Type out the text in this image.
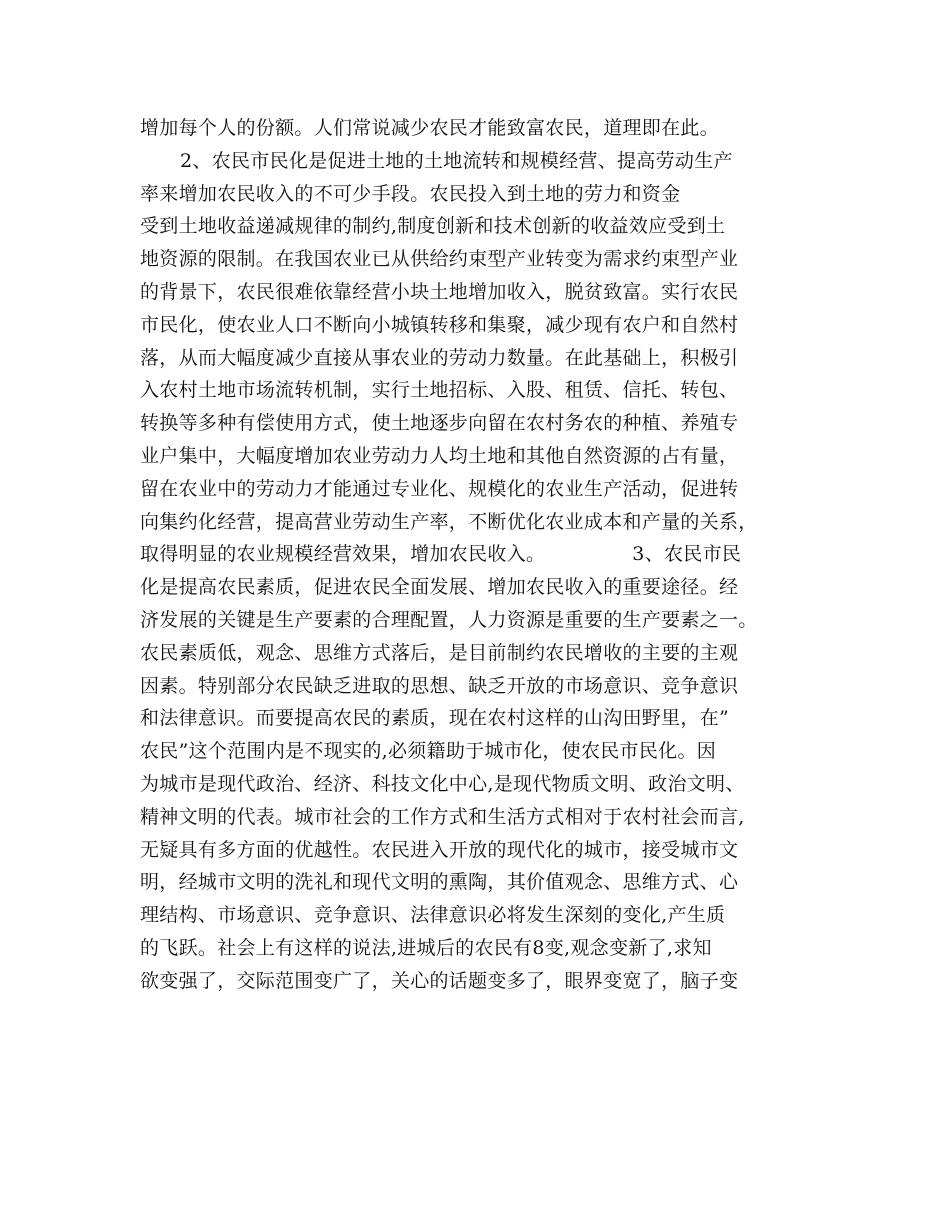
增加每个人的份额。人们常说减少农民才能致富农民，道理即在此。
2、农民市民化是促进土地的土地流转和规模经营、提高劳动生产
率来增加农民收入的不可少手段。农民投入到土地的劳力和资金
受到土地收益递减规律的制约,制度创新和技术创新的收益效应受到土
地资源的限制。在我国农业已从供给约束型产业转变为需求约束型产业
的背景下，农民很难依靠经营小块土地增加收入，脱贫致富。实行农民
市民化，使农业人口不断向小城镇转移和集聚，减少现有农户和自然村
落，从而大幅度减少直接从事农业的劳动力数量。在此基础上，积极引
入农村土地市场流转机制，实行土地招标、入股、租赁、信托、转包、
转换等多种有偿使用方式，使土地逐步向留在农村务农的种植、养殖专
业户集中，大幅度增加农业劳动力人均土地和其他自然资源的占有量，
留在农业中的劳动力才能通过专业化、规模化的农业生产活动，促进转
向集约化经营，提高营业劳动生产率，不断优化农业成本和产量的关系，
取得明显的农业规模经营效果，增加农民收入。　　　　　3、农民市民
化是提高农民素质，促进农民全面发展、增加农民收入的重要途径。经
济发展的关键是生产要素的合理配置，人力资源是重要的生产要素之一。
农民素质低，观念、思维方式落后，是目前制约农民增收的主要的主观
因素。特别部分农民缺乏进取的思想、缺乏开放的市场意识、竞争意识
和法律意识。而要提高农民的素质，现在农村这样的山沟田野里，在”
农民”这个范围内是不现实的,必须籍助于城市化，使农民市民化。因
为城市是现代政治、经济、科技文化中心,是现代物质文明、政治文明、
精神文明的代表。城市社会的工作方式和生活方式相对于农村社会而言,
无疑具有多方面的优越性。农民进入开放的现代化的城市，接受城市文
明，经城市文明的洗礼和现代文明的熏陶，其价值观念、思维方式、心
理结构、市场意识、竞争意识、法律意识必将发生深刻的变化,产生质
的飞跃。社会上有这样的说法,进城后的农民有8变,观念变新了,求知
欲变强了，交际范围变广了，关心的话题变多了，眼界变宽了，脑子变
